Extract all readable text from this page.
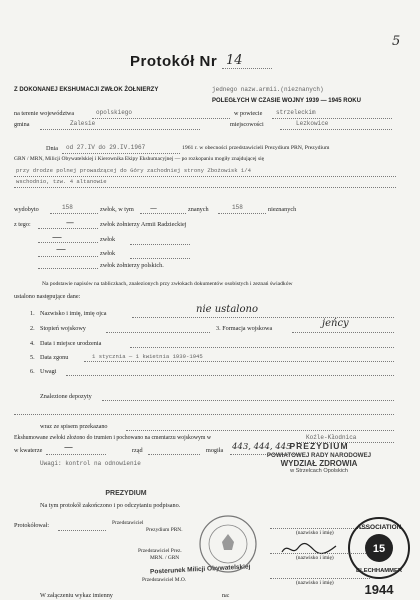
5
Protokół Nr 14
Z DOKONANEJ EKSHUMACJI ZWŁOK ŻOŁNIERZY	jednego nazw.armii.(nieznanych)
POLEGŁYCH W CZASIE WOJNY 1939 — 1945 ROKU
na terenie województwa	opolskiego	w powiecie strzeleckim
gmina	Zalesie	miejscowości	Lezkowice
Dnia od 27.IV do 29.IV.1967	1961 r. w obecności przedstawicieli Prezydium PRN, Prezydium
GRN / MRN, Milicji Obywatelskiej i Kierownika Ekipy Ekshumacyjnej — po rozkopaniu mogiły znajdującej się
przy drodze polnej prowadzącej do Góry zachodniej strony Zbożowisk 1/4
wschodnio, tzw. 4 altanowie
wydobyto	158	zwłok, w tym —	znanych	158	nieznanych
z tego:	—	zwłok żołnierzy Armii Radzieckiej
—	zwłok
—	zwłok
zwłok żołnierzy polskich.
Na podstawie napisów na tabliczkach, znalezionych przy zwłokach dokumentów osobistych i zeznań świadków
ustalono następujące dane:
1. Nazwisko i imię, imię ojca	nie ustalono
2. Stopień wojskowy	3. Formacja wojskowa	jeńcy
4. Data i miejsce urodzenia
5. Data zgonu	1 stycznia — 1 kwietnia 1939-1945
6. Uwagi
Znalezione depozyty
wraz ze spisem przekazano
Ekshumowane zwłoki złożono do trumien i pochowano na cmentarzu wojskowym w	Koźle-Kłodnica
w kwaterze —	rząd	mogiła 443, 444, 445
Uwagi: kontrol na odnowienie
PREZYDIUM
POWIATOWEJ RADY NARODOWEJ
WYDZIAŁ ZDROWIA
w Strzelcach Opolskich
Na tym protokół zakończono i po odczytaniu podpisano.
PREZYDIUM
Protokółował:	Przedstawiciel
Prezydium PRN.
Przedstawiciel Prez.
MRN. / GRN
Przedstawiciel M.O.
Posterunek Milicji Obywatelskiej
(nazwisko i imię)
(nazwisko i imię)
(nazwisko i imię)
W załączeniu wykaz imienny	na:
15
ASSOCIATION
BLECHHAMMER
1944
